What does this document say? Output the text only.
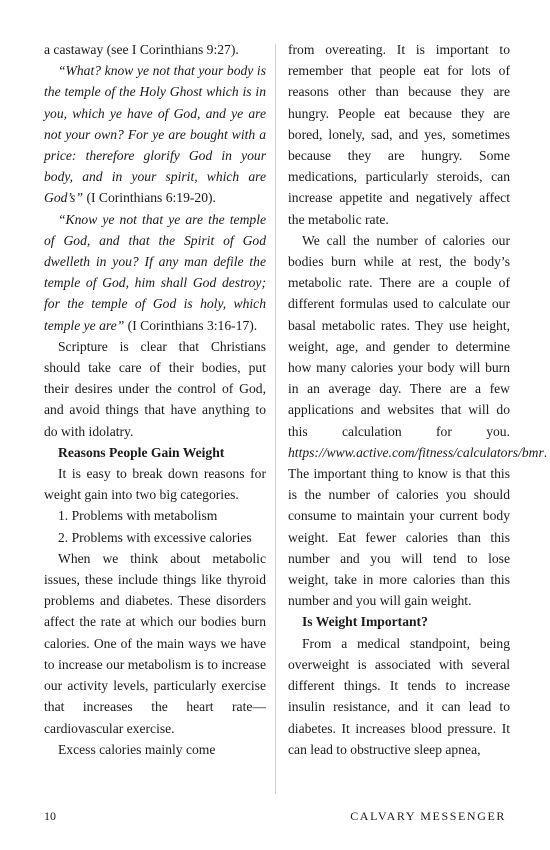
a castaway (see I Corinthians 9:27).

“What? know ye not that your body is the temple of the Holy Ghost which is in you, which ye have of God, and ye are not your own? For ye are bought with a price: therefore glorify God in your body, and in your spirit, which are God’s” (I Corinthians 6:19-20).

“Know ye not that ye are the temple of God, and that the Spirit of God dwelleth in you? If any man defile the temple of God, him shall God destroy; for the temple of God is holy, which temple ye are” (I Corinthians 3:16-17).

Scripture is clear that Christians should take care of their bodies, put their desires under the control of God, and avoid things that have anything to do with idolatry.

Reasons People Gain Weight

It is easy to break down reasons for weight gain into two big categories.

1. Problems with metabolism

2. Problems with excessive calories

When we think about metabolic issues, these include things like thyroid problems and diabetes. These disorders affect the rate at which our bodies burn calories. One of the main ways we have to increase our metabolism is to increase our activity levels, particularly exercise that increases the heart rate—cardiovascular exercise.

Excess calories mainly come

from overeating. It is important to remember that people eat for lots of reasons other than because they are hungry. People eat because they are bored, lonely, sad, and yes, sometimes because they are hungry. Some medications, particularly steroids, can increase appetite and negatively affect the metabolic rate.

We call the number of calories our bodies burn while at rest, the body’s metabolic rate. There are a couple of different formulas used to calculate our basal metabolic rates. They use height, weight, age, and gender to determine how many calories your body will burn in an average day. There are a few applications and websites that will do this calculation for you. https://www.active.com/fitness/calculators/bmr. The important thing to know is that this is the number of calories you should consume to maintain your current body weight. Eat fewer calories than this number and you will tend to lose weight, take in more calories than this number and you will gain weight.

Is Weight Important?

From a medical standpoint, being overweight is associated with several different things. It tends to increase insulin resistance, and it can lead to diabetes. It increases blood pressure. It can lead to obstructive sleep apnea,

10	CALVARY MESSENGER
